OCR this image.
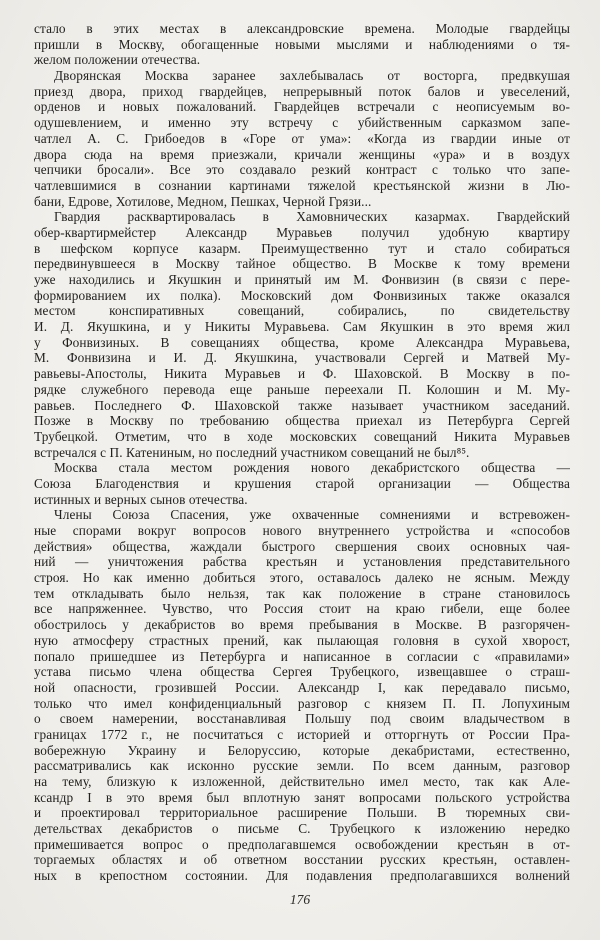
стало в этих местах в александровские времена. Молодые гвардейцы
пришли в Москву, обогащенные новыми мыслями и наблюдениями о тя-
желом положении отечества.
Дворянская Москва заранее захлебывалась от восторга, предвкушая
приезд двора, приход гвардейцев, непрерывный поток балов и увеселений,
орденов и новых пожалований. Гвардейцев встречали с неописуемым во-
одушевлением, и именно эту встречу с убийственным сарказмом запе-
чатлел А. С. Грибоедов в «Горе от ума»: «Когда из гвардии иные от
двора сюда на время приезжали, кричали женщины «ура» и в воздух
чепчики бросали». Все это создавало резкий контраст с только что запе-
чатлевшимися в сознании картинами тяжелой крестьянской жизни в Лю-
бани, Едрове, Хотилове, Медном, Пешках, Черной Грязи...
Гвардия расквартировалась в Хамовнических казармах. Гвардейский
обер-квартирмейстер Александр Муравьев получил удобную квартиру
в шефском корпусе казарм. Преимущественно тут и стало собираться
передвинувшееся в Москву тайное общество. В Москве к тому времени
уже находились и Якушкин и принятый им М. Фонвизин (в связи с пере-
формированием их полка). Московский дом Фонвизиных также оказался
местом конспиративных совещаний, собирались, по свидетельству
И. Д. Якушкина, и у Никиты Муравьева. Сам Якушкин в это время жил
у Фонвизиных. В совещаниях общества, кроме Александра Муравьева,
М. Фонвизина и И. Д. Якушкина, участвовали Сергей и Матвей Му-
равьевы-Апостолы, Никита Муравьев и Ф. Шаховской. В Москву в по-
рядке служебного перевода еще раньше переехали П. Колошин и М. Му-
равьев. Последнего Ф. Шаховской также называет участником заседаний.
Позже в Москву по требованию общества приехал из Петербурга Сергей
Трубецкой. Отметим, что в ходе московских совещаний Никита Муравьев
встречался с П. Катениным, но последний участником совещаний не был⁸⁵.
Москва стала местом рождения нового декабристского общества —
Союза Благоденствия и крушения старой организации — Общества
истинных и верных сынов отечества.
Члены Союза Спасения, уже охваченные сомнениями и встревожен-
ные спорами вокруг вопросов нового внутреннего устройства и «способов
действия» общества, жаждали быстрого свершения своих основных чая-
ний — уничтожения рабства крестьян и установления представительного
строя. Но как именно добиться этого, оставалось далеко не ясным. Между
тем откладывать было нельзя, так как положение в стране становилось
все напряженнее. Чувство, что Россия стоит на краю гибели, еще более
обострилось у декабристов во время пребывания в Москве. В разгорячен-
ную атмосферу страстных прений, как пылающая головня в сухой хворост,
попало пришедшее из Петербурга и написанное в согласии с «правилами»
устава письмо члена общества Сергея Трубецкого, извещавшее о страш-
ной опасности, грозившей России. Александр I, как передавало письмо,
только что имел конфиденциальный разговор с князем П. П. Лопухиным
о своем намерении, восстанавливая Польшу под своим владычеством в
границах 1772 г., не посчитаться с историей и отторгнуть от России Пра-
вобережную Украину и Белоруссию, которые декабристами, естественно,
рассматривались как исконно русские земли. По всем данным, разговор
на тему, близкую к изложенной, действительно имел место, так как Але-
ксандр I в это время был вплотную занят вопросами польского устройства
и проектировал территориальное расширение Польши. В тюремных сви-
детельствах декабристов о письме С. Трубецкого к изложению нередко
примешивается вопрос о предполагавшемся освобождении крестьян в от-
торгаемых областях и об ответном восстании русских крестьян, оставлен-
ных в крепостном состоянии. Для подавления предполагавшихся волнений
176
